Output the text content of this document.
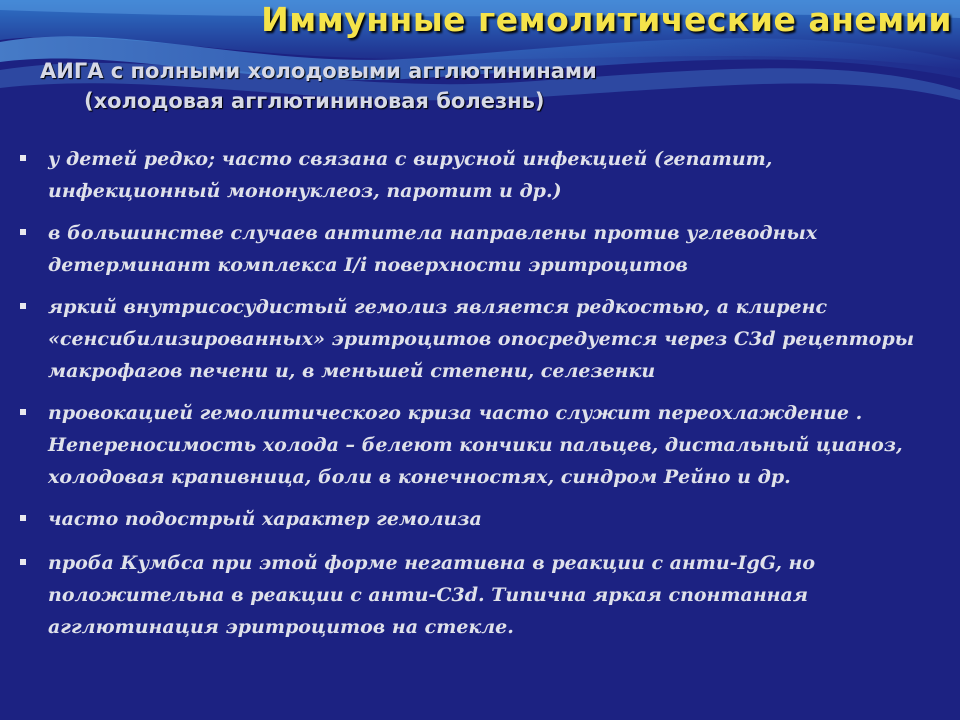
Иммунные гемолитические анемии
АИГА с полными холодовыми агглютининами
(холодовая агглютининовая болезнь)
у детей редко; часто связана с вирусной инфекцией (гепатит, инфекционный мононуклеоз, паротит и др.)
в большинстве случаев антитела направлены против углеводных детерминант комплекса I/i поверхности эритроцитов
яркий внутрисосудистый гемолиз является редкостью, а клиренс «сенсибилизированных» эритроцитов опосредуется через C3d рецепторы макрофагов печени и, в меньшей степени, селезенки
провокацией гемолитического криза часто служит переохлаждение . Непереносимость холода – белеют кончики пальцев, дистальный цианоз, холодовая крапивница, боли в конечностях, синдром Рейно и др.
часто подострый характер гемолиза
проба Кумбса при этой форме негативна в реакции с анти-IgG, но положительна в реакции с анти-C3d. Типична яркая спонтанная агглютинация эритроцитов на стекле.
